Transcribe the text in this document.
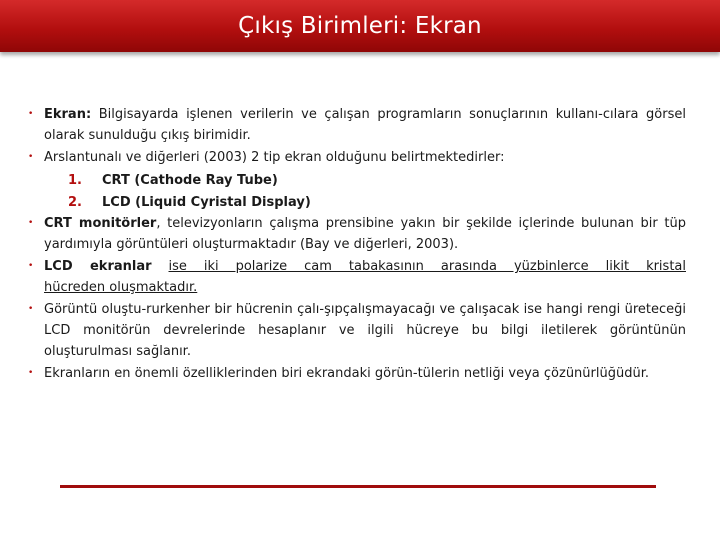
Çıkış Birimleri: Ekran
• Ekran: Bilgisayarda işlenen verilerin ve çalışan programların sonuçlarının kullanı-cılara görsel olarak sunulduğu çıkış birimidir.
• Arslantunalı ve diğerleri (2003) 2 tip ekran olduğunu belirtmektedirler:
1.	CRT (Cathode Ray Tube)
2.	LCD (Liquid Cyristal Display)
• CRT monitörler, televizyonların çalışma prensibine yakın bir şekilde içlerinde bulunan bir tüp yardımıyla görüntüleri oluşturmaktadır (Bay ve diğerleri, 2003).
• LCD ekranlar ise iki polarize cam tabakasının arasında yüzbinlerce likit kristal
hücreden oluşmaktadır.
• Görüntü oluştu-rurkenher bir hücrenin çalı-şıpçalışmayacağı ve çalışacak ise hangi rengi üreteceği LCD monitörün devrelerinde hesaplanır ve ilgili hücreye bu bilgi iletilerek görüntünün oluşturulması sağlanır.
• Ekranların en önemli özelliklerinden biri ekrandaki görün-tülerin netliği veya çözünürlüğüdür.
